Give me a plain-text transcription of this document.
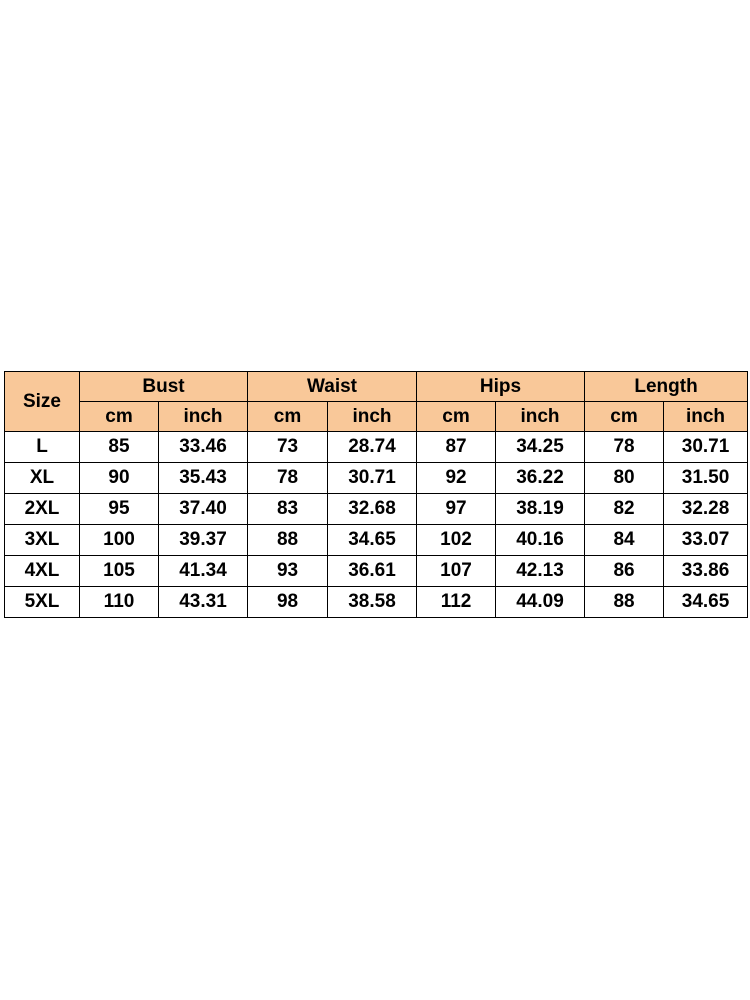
Size	Bust		Waist		Hips		Length	
	cm	inch	cm	inch	cm	inch	cm	inch
L	85	33.46	73	28.74	87	34.25	78	30.71
XL	90	35.43	78	30.71	92	36.22	80	31.50
2XL	95	37.40	83	32.68	97	38.19	82	32.28
3XL	100	39.37	88	34.65	102	40.16	84	33.07
4XL	105	41.34	93	36.61	107	42.13	86	33.86
5XL	110	43.31	98	38.58	112	44.09	88	34.65
